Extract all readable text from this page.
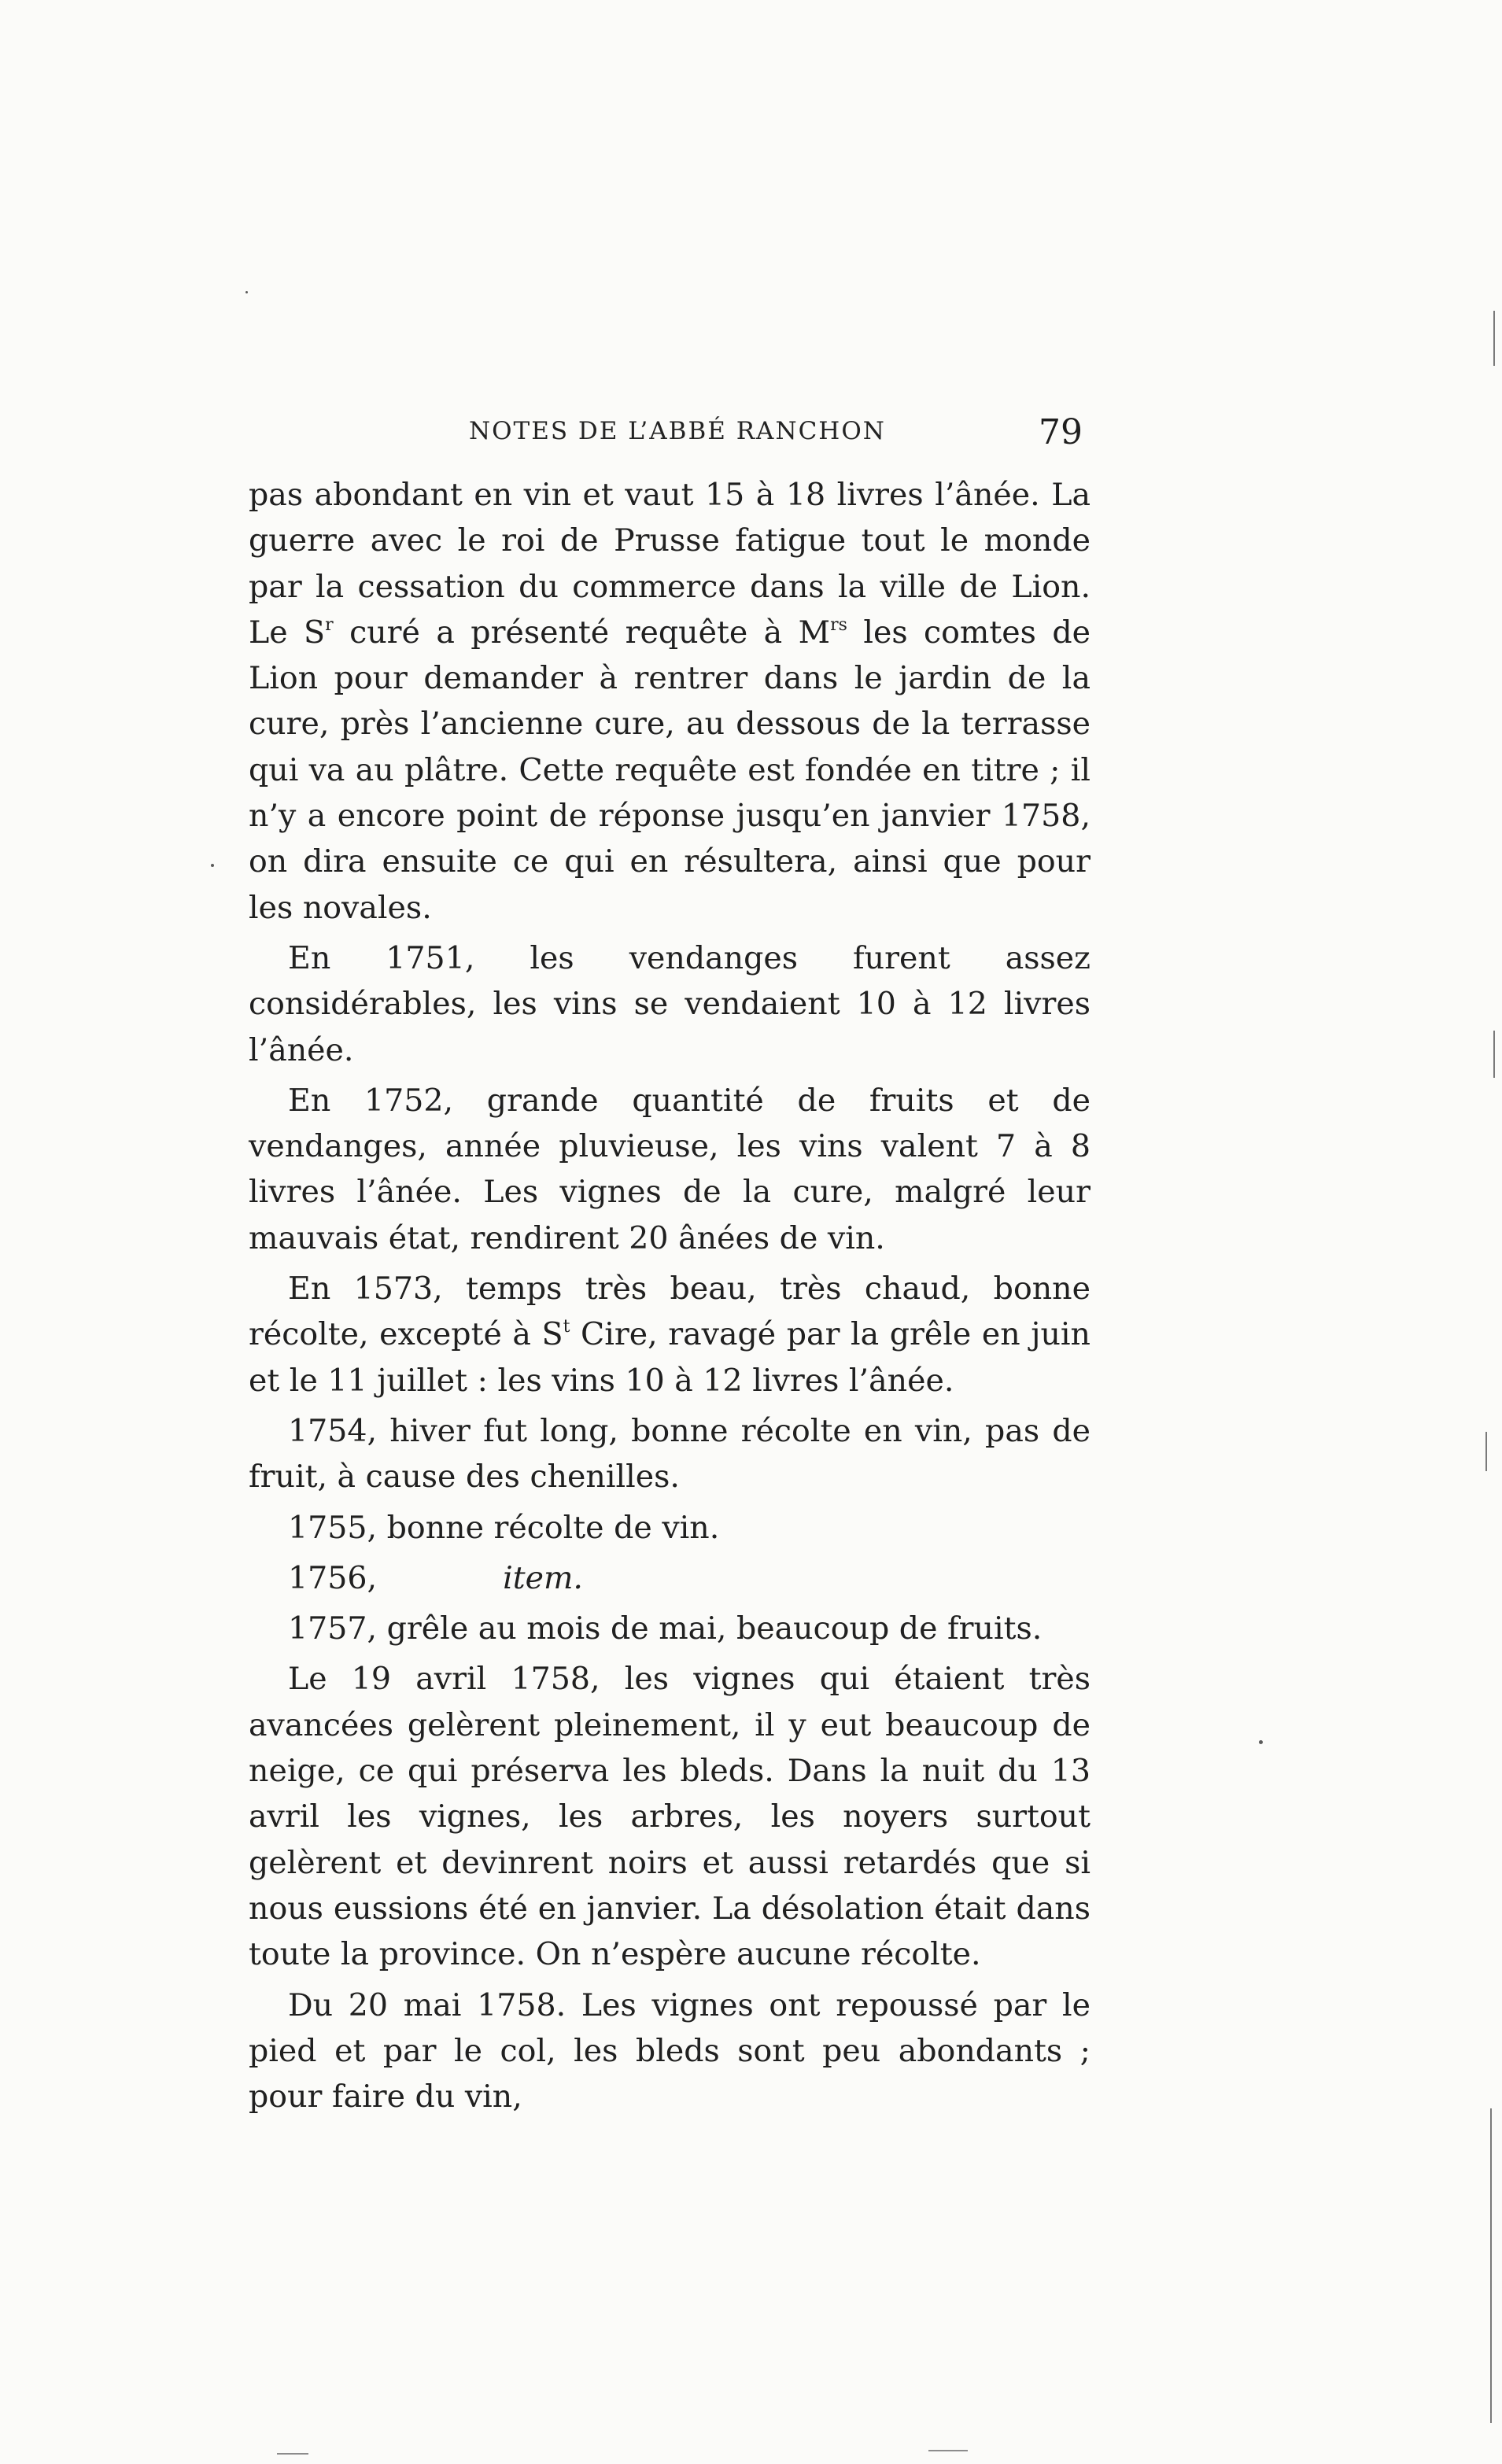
NOTES DE L’ABBÉ RANCHON	79

pas abondant en vin et vaut 15 à 18 livres l’ânée. La guerre avec le roi de Prusse fatigue tout le monde par la cessation du commerce dans la ville de Lion. Le $S^r$ curé a présenté requête à $M^{rs}$ les comtes de Lion pour demander à rentrer dans le jardin de la cure, près l’ancienne cure, au dessous de la terrasse qui va au plâtre. Cette requête est fondée en titre ; il n’y a encore point de réponse jusqu’en janvier 1758, on dira ensuite ce qui en résultera, ainsi que pour les novales.

En 1751, les vendanges furent assez considérables, les vins se vendaient 10 à 12 livres l’ânée.

En 1752, grande quantité de fruits et de vendanges, année pluvieuse, les vins valent 7 à 8 livres l’ânée. Les vignes de la cure, malgré leur mauvais état, rendirent 20 ânées de vin.

En 1573, temps très beau, très chaud, bonne récolte, excepté à $S^t$ Cire, ravagé par la grêle en juin et le 11 juillet : les vins 10 à 12 livres l’ânée.

1754, hiver fut long, bonne récolte en vin, pas de fruit, à cause des chenilles.

1755, bonne récolte de vin.

1756,	item.

1757, grêle au mois de mai, beaucoup de fruits.

Le 19 avril 1758, les vignes qui étaient très avancées gelèrent pleinement, il y eut beaucoup de neige, ce qui préserva les bleds. Dans la nuit du 13 avril les vignes, les arbres, les noyers surtout gelèrent et devinrent noirs et aussi retardés que si nous eussions été en janvier. La désolation était dans toute la province. On n’espère aucune récolte.

Du 20 mai 1758. Les vignes ont repoussé par le pied et par le col, les bleds sont peu abondants ; pour faire du vin,
